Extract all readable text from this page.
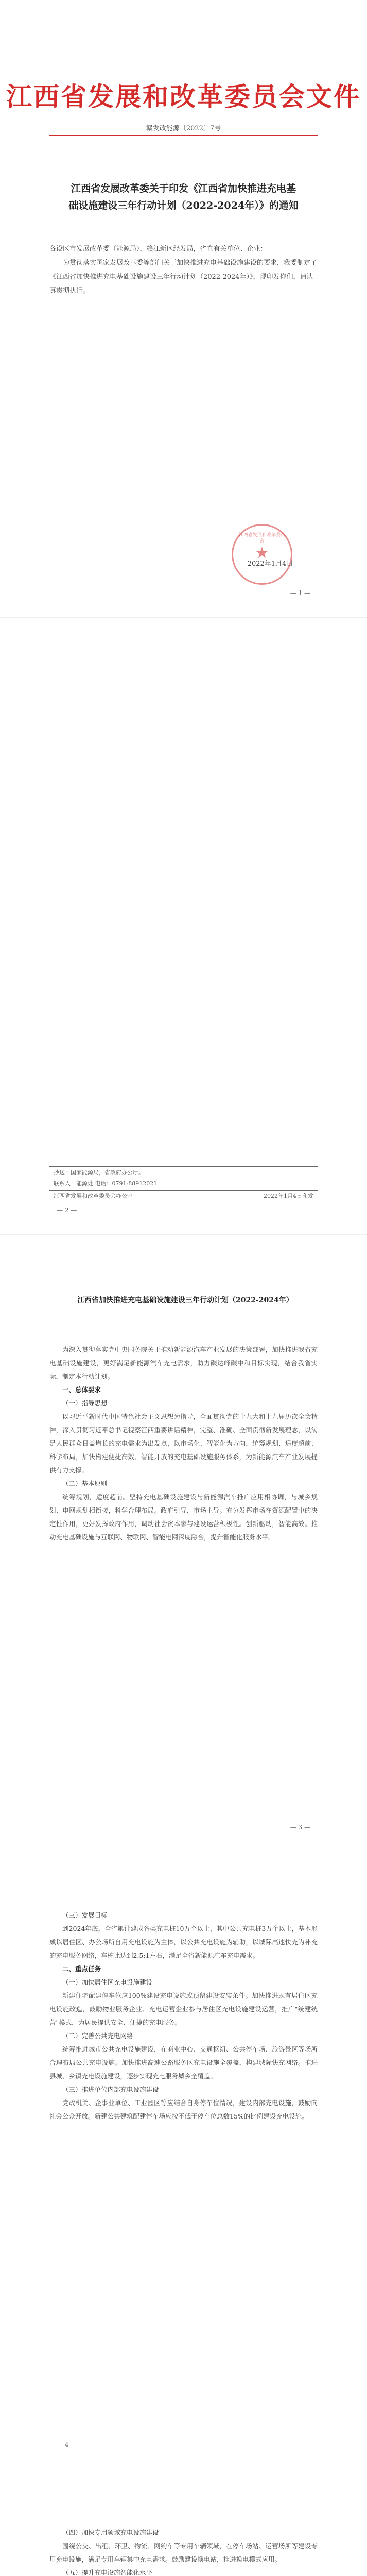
江西省发展和改革委员会文件
赣发改能源〔2022〕7号
江西省发展改革委关于印发《江西省加快推进充电基础设施建设三年行动计划（2022-2024年）》的通知

各设区市发展改革委（能源局），赣江新区经发局，省直有关单位、企业：

为贯彻落实国家发展改革委等部门关于加快推进充电基础设施建设的要求，我委制定了《江西省加快推进充电基础设施建设三年行动计划（2022-2024年）》，现印发你们，请认真贯彻执行。

江西省发展和改革委员会
★
2022年1月4日
— 1 —
抄送：国家能源局，省政府办公厅。
联系人：能源处 电话：0791-88912021
江西省发展和改革委员会办公室	2022年1月4日印发
— 2 —
江西省加快推进充电基础设施建设三年行动计划（2022-2024年）

为深入贯彻落实党中央国务院关于推动新能源汽车产业发展的决策部署，加快推进我省充电基础设施建设，更好满足新能源汽车充电需求，助力碳达峰碳中和目标实现，结合我省实际，制定本行动计划。

一、总体要求

（一）指导思想

以习近平新时代中国特色社会主义思想为指导，全面贯彻党的十九大和十九届历次全会精神，深入贯彻习近平总书记视察江西重要讲话精神，完整、准确、全面贯彻新发展理念，以满足人民群众日益增长的充电需求为出发点，以市场化、智能化为方向，统筹规划、适度超前、科学布局，加快构建便捷高效、智能开放的充电基础设施服务体系，为新能源汽车产业发展提供有力支撑。

（二）基本原则

统筹规划，适度超前。坚持充电基础设施建设与新能源汽车推广应用相协调，与城乡规划、电网规划相衔接，科学合理布局。政府引导，市场主导。充分发挥市场在资源配置中的决定性作用，更好发挥政府作用，调动社会资本参与建设运营积极性。创新驱动，智能高效。推动充电基础设施与互联网、物联网、智能电网深度融合，提升智能化服务水平。

— 3 —

（三）发展目标

到2024年底，全省累计建成各类充电桩10万个以上，其中公共充电桩3万个以上，基本形成以居住区、办公场所自用充电设施为主体，以公共充电设施为辅助，以城际高速快充为补充的充电服务网络，车桩比达到2.5:1左右，满足全省新能源汽车充电需求。

二、重点任务

（一）加快居住区充电设施建设

新建住宅配建停车位应100%建设充电设施或预留建设安装条件。加快推进既有居住区充电设施改造，鼓励物业服务企业、充电运营企业参与居住区充电设施建设运营，推广"统建统营"模式，为居民提供安全、便捷的充电服务。

（二）完善公共充电网络

统筹推进城市公共充电设施建设，在商业中心、交通枢纽、公共停车场、旅游景区等场所合理布局公共充电设施。加快推进高速公路服务区充电设施全覆盖，构建城际快充网络。推进县城、乡镇充电设施建设，逐步实现充电服务城乡全覆盖。

（三）推进单位内部充电设施建设

党政机关、企事业单位、工业园区等应结合自身停车位情况，建设内部充电设施，鼓励向社会公众开放。新建公共建筑配建停车场应按不低于停车位总数15%的比例建设充电设施。

— 4 —

（四）加快专用领域充电设施建设

围绕公交、出租、环卫、物流、网约车等专用车辆领域，在停车场站、运营场所等建设专用充电设施，满足专用车辆集中充电需求。鼓励建设换电站，推进换电模式应用。

（五）提升充电设施智能化水平
